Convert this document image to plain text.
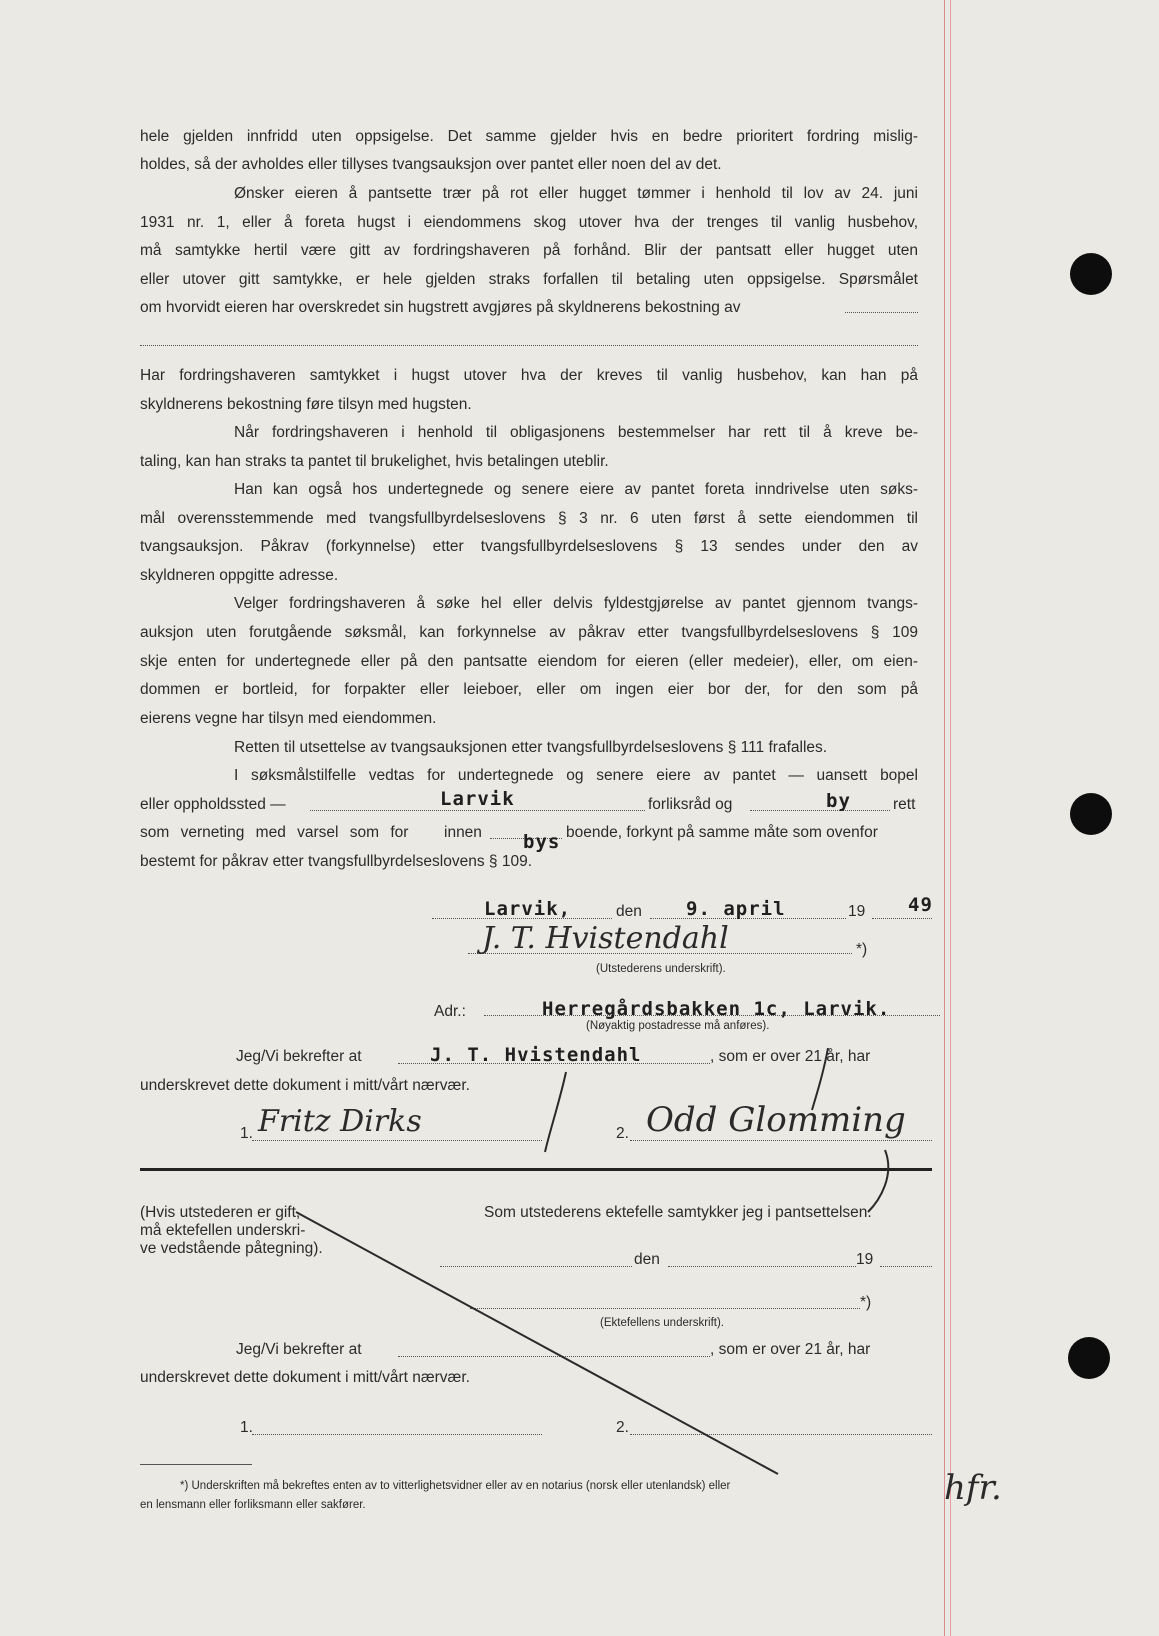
hele gjelden innfridd uten oppsigelse. Det samme gjelder hvis en bedre prioritert fordring mislig-
holdes, så der avholdes eller tillyses tvangsauksjon over pantet eller noen del av det.
Ønsker eieren å pantsette trær på rot eller hugget tømmer i henhold til lov av 24. juni
1931 nr. 1, eller å foreta hugst i eiendommens skog utover hva der trenges til vanlig husbehov,
må samtykke hertil være gitt av fordringshaveren på forhånd. Blir der pantsatt eller hugget uten
eller utover gitt samtykke, er hele gjelden straks forfallen til betaling uten oppsigelse. Spørsmålet
om hvorvidt eieren har overskredet sin hugstrett avgjøres på skyldnerens bekostning av
Har fordringshaveren samtykket i hugst utover hva der kreves til vanlig husbehov, kan han på
skyldnerens bekostning føre tilsyn med hugsten.
Når fordringshaveren i henhold til obligasjonens bestemmelser har rett til å kreve be-
taling, kan han straks ta pantet til brukelighet, hvis betalingen uteblir.
Han kan også hos undertegnede og senere eiere av pantet foreta inndrivelse uten søks-
mål overensstemmende med tvangsfullbyrdelseslovens § 3 nr. 6 uten først å sette eiendommen til
tvangsauksjon. Påkrav (forkynnelse) etter tvangsfullbyrdelseslovens § 13 sendes under den av
skyldneren oppgitte adresse.
Velger fordringshaveren å søke hel eller delvis fyldestgjørelse av pantet gjennom tvangs-
auksjon uten forutgående søksmål, kan forkynnelse av påkrav etter tvangsfullbyrdelseslovens § 109
skje enten for undertegnede eller på den pantsatte eiendom for eieren (eller medeier), eller, om eien-
dommen er bortleid, for forpakter eller leieboer, eller om ingen eier bor der, for den som på
eierens vegne har tilsyn med eiendommen.
Retten til utsettelse av tvangsauksjonen etter tvangsfullbyrdelseslovens § 111 frafalles.
I søksmålstilfelle vedtas for undertegnede og senere eiere av pantet — uansett bopel
eller oppholdssted —	Larvik	forliksråd og	by	rett
som verneting med varsel som for innen bys boende, forkynt på samme måte som ovenfor
bestemt for påkrav etter tvangsfullbyrdelseslovens § 109.
Larvik,	den 9. april	19 49
J. T. Hvistendahl	*)
(Utstederens underskrift).
Adr.:	Herregårdsbakken 1c, Larvik.
(Nøyaktig postadresse må anføres).
Jeg/Vi bekrefter at	J. T. Hvistendahl	, som er over 21 år, har
underskrevet dette dokument i mitt/vårt nærvær.
1. Fritz Dirks	2. Odd Glomming
(Hvis utstederen er gift,
må ektefellen underskri-
ve vedstående påtegning).
Som utstederens ektefelle samtykker jeg i pantsettelsen.
den	19
*)
(Ektefellens underskrift).
Jeg/Vi bekrefter at	, som er over 21 år, har
underskrevet dette dokument i mitt/vårt nærvær.
1.	2.
*) Underskriften må bekreftes enten av to vitterlighetsvidner eller av en notarius (norsk eller utenlandsk) eller
en lensmann eller forliksmann eller sakfører.	hfr.
